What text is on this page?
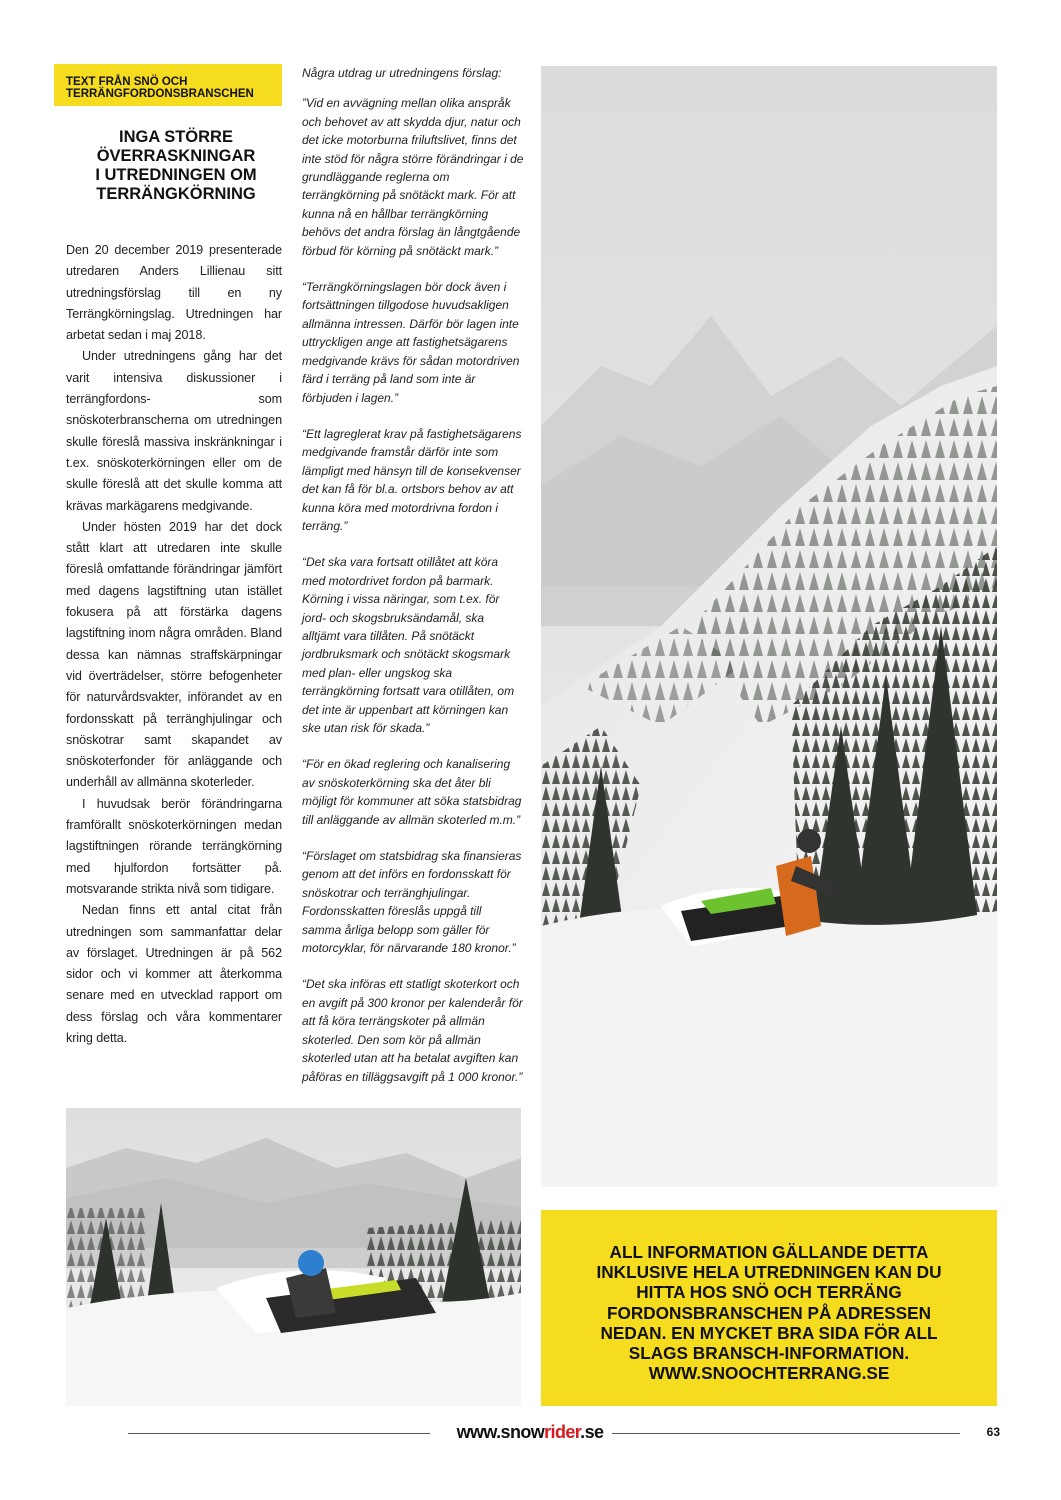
TEXT FRÅN SNÖ OCH
TERRÄNGFORDONSBRANSCHEN
INGA STÖRRE
ÖVERRASKNINGAR
I UTREDNINGEN OM
TERRÄNGKÖRNING

Den 20 december 2019 presenterade utredaren Anders Lillienau sitt utredningsförslag till en ny Terrängkörningslag. Utredningen har arbetat sedan i maj 2018.

Under utredningens gång har det varit intensiva diskussioner i terrängfordons- som snöskoterbranscherna om utredningen skulle föreslå massiva inskränkningar i t.ex. snöskoterkörningen eller om de skulle föreslå att det skulle komma att krävas markägarens medgivande.

Under hösten 2019 har det dock stått klart att utredaren inte skulle föreslå omfattande förändringar jämfört med dagens lagstiftning utan istället fokusera på att förstärka dagens lagstiftning inom några områden. Bland dessa kan nämnas straffskärpningar vid överträdelser, större befogenheter för naturvårdsvakter, införandet av en fordonsskatt på terränghjulingar och snöskotrar samt skapandet av snöskoterfonder för anläggande och underhåll av allmänna skoterleder.

I huvudsak berör förändringarna framförallt snöskoterkörningen medan lagstiftningen rörande terrängkörning med hjulfordon fortsätter på. motsvarande strikta nivå som tidigare.

Nedan finns ett antal citat från utredningen som sammanfattar delar av förslaget. Utredningen är på 562 sidor och vi kommer att återkomma senare med en utvecklad rapport om dess förslag och våra kommentarer kring detta.

Några utdrag ur utredningens förslag:

”Vid en avvägning mellan olika anspråk och behovet av att skydda djur, natur och det icke motorburna friluftslivet, finns det inte stöd för några större förändringar i de grundläggande reglerna om terrängkörning på snötäckt mark. För att kunna nå en hållbar terrängkörning behövs det andra förslag än långtgående förbud för körning på snötäckt mark.”

“Terrängkörningslagen bör dock även i fortsättningen tillgodose huvudsakligen allmänna intressen. Därför bör lagen inte uttryckligen ange att fastighetsägarens medgivande krävs för sådan motordriven färd i terräng på land som inte är förbjuden i lagen.”

“Ett lagreglerat krav på fastighetsägarens medgivande framstår därför inte som lämpligt med hänsyn till de konsekvenser det kan få för bl.a. ortsbors behov av att kunna köra med motordrivna fordon i terräng.”

“Det ska vara fortsatt otillåtet att köra med motordrivet fordon på barmark. Körning i vissa näringar, som t.ex. för jord- och skogsbruksändamål, ska alltjämt vara tillåten. På snötäckt jordbruksmark och snötäckt skogsmark med plan- eller ungskog ska terrängkörning fortsatt vara otillåten, om det inte är uppenbart att körningen kan ske utan risk för skada.”

“För en ökad reglering och kanalisering av snöskoterkörning ska det åter bli möjligt för kommuner att söka statsbidrag till anläggande av allmän skoterled m.m.”

“Förslaget om statsbidrag ska finansieras genom att det införs en fordonsskatt för snöskotrar och terränghjulingar. Fordonsskatten föreslås uppgå till samma årliga belopp som gäller för motorcyklar, för närvarande 180 kronor.”

“Det ska införas ett statligt skoterkort och en avgift på 300 kronor per kalenderår för att få köra terrängskoter på allmän skoterled. Den som kör på allmän skoterled utan att ha betalat avgiften kan påföras en tilläggsavgift på 1 000 kronor.”

ALL INFORMATION GÄLLANDE DETTA INKLUSIVE HELA UTREDNINGEN KAN DU HITTA HOS SNÖ OCH TERRÄNG FORDONSBRANSCHEN PÅ ADRESSEN NEDAN. EN MYCKET BRA SIDA FÖR ALL SLAGS BRANSCH-INFORMATION. WWW.SNOOCHTERRANG.SE
www.snowrider.se	63
